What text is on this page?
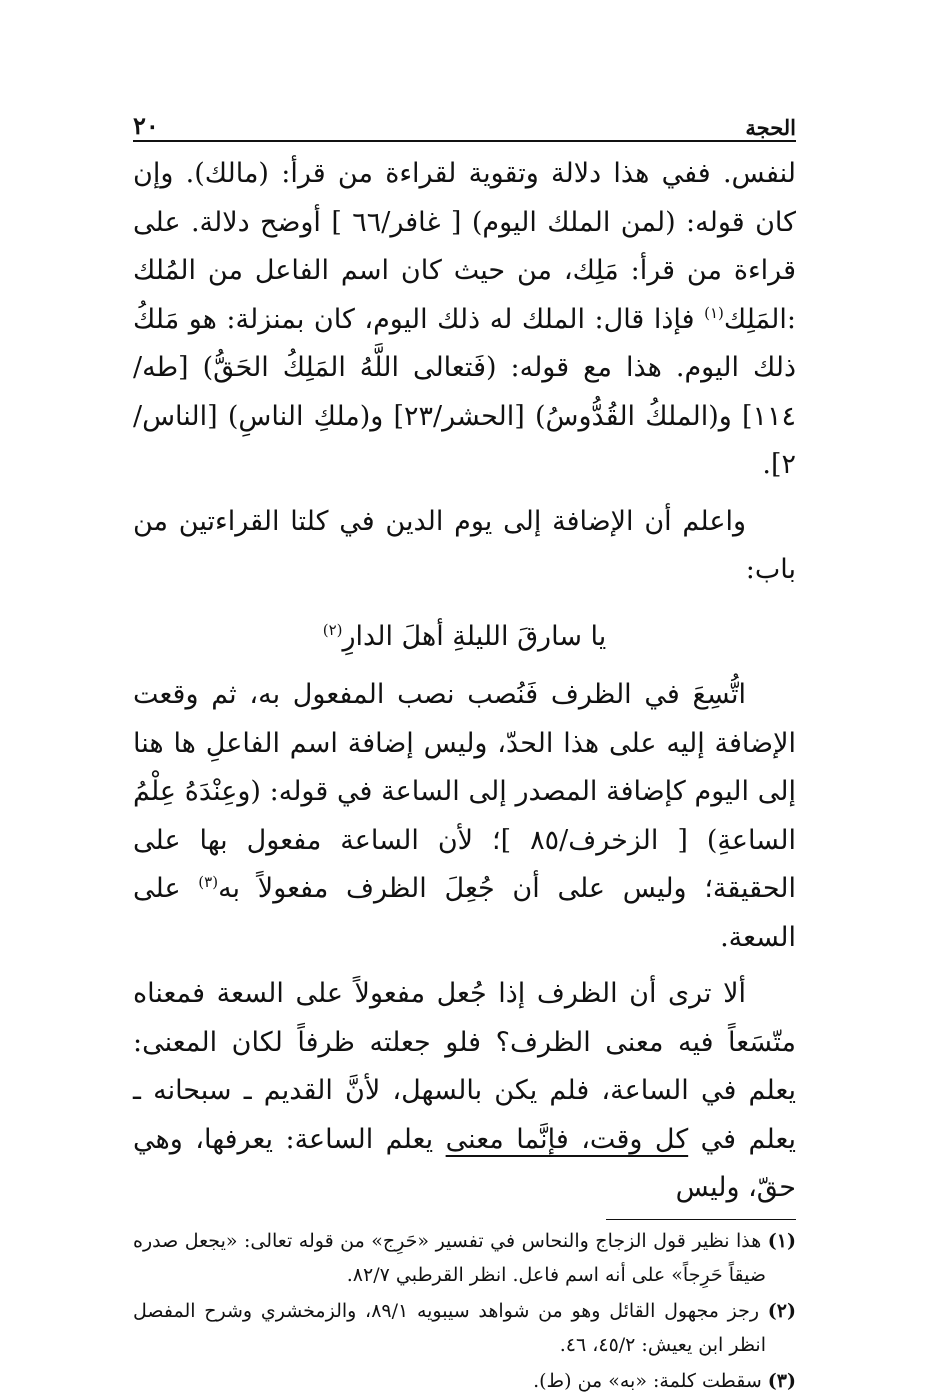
الحجة
٢٠

لنفس. ففي هذا دلالة وتقوية لقراءة من قرأ: (مالك). وإن كان قوله: (لمن الملك اليوم) [ غافر/٦٦ ] أوضح دلالة. على قراءة من قرأ: مَلِك، من حيث كان اسم الفاعل من المُلك :المَلِك$^{(١)}$ فإذا قال: الملك له ذلك اليوم، كان بمنزلة: هو مَلكُ ذلك اليوم. هذا مع قوله: (فَتعالى اللَّهُ المَلِكُ الحَقُّ) [طه/١١٤] و(الملكُ القُدُّوسُ) [الحشر/٢٣] و(ملكِ الناسِ) [الناس/٢].

واعلم أن الإضافة إلى يوم الدين في كلتا القراءتين من باب:

يا سارقَ الليلةِ أهلَ الدارِ$^{(٢)}$

اتُّسِعَ في الظرف فَنُصب نصب المفعول به، ثم وقعت الإضافة إليه على هذا الحدّ، وليس إضافة اسم الفاعلِ ها هنا إلى اليوم كإضافة المصدر إلى الساعة في قوله: (وعِنْدَهُ عِلْمُ الساعةِ) [ الزخرف/٨٥ ]؛ لأن الساعة مفعول بها على الحقيقة؛ وليس على أن جُعِلَ الظرف مفعولاً به$^{(٣)}$ على السعة.

ألا ترى أن الظرف إذا جُعل مفعولاً على السعة فمعناه متّسَعاً فيه معنى الظرف؟ فلو جعلته ظرفاً لكان المعنى: يعلم في الساعة، فلم يكن بالسهل، لأنَّ القديم ـ سبحانه ـ يعلم في كل وقت، فإنَّما معنى يعلم الساعة: يعرفها، وهي حقّ، وليس

(١) هذا نظير قول الزجاج والنحاس في تفسير «حَرِج» من قوله تعالى: «يجعل صدره ضيقاً حَرِجاً» على أنه اسم فاعل. انظر القرطبي ٨٢/٧.

(٢) رجز مجهول القائل وهو من شواهد سيبويه ٨٩/١، والزمخشري وشرح المفصل انظر ابن يعيش: ٤٥/٢، ٤٦.

(٣) سقطت كلمة: «به» من (ط).
